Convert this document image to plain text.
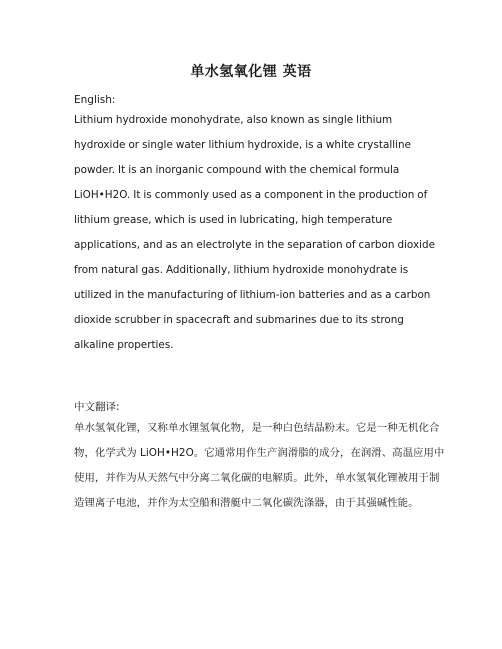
单水氢氧化锂 英语
English:

Lithium hydroxide monohydrate, also known as single lithium hydroxide or single water lithium hydroxide, is a white crystalline powder. It is an inorganic compound with the chemical formula LiOH•H2O. It is commonly used as a component in the production of lithium grease, which is used in lubricating, high temperature applications, and as an electrolyte in the separation of carbon dioxide from natural gas. Additionally, lithium hydroxide monohydrate is utilized in the manufacturing of lithium-ion batteries and as a carbon dioxide scrubber in spacecraft and submarines due to its strong alkaline properties.

中文翻译:

单水氢氧化锂，又称单水锂氢氧化物，是一种白色结晶粉末。它是一种无机化合物，化学式为 LiOH•H2O。它通常用作生产润滑脂的成分，在润滑、高温应用中使用，并作为从天然气中分离二氧化碳的电解质。此外，单水氢氧化锂被用于制造锂离子电池，并作为太空船和潜艇中二氧化碳洗涤器，由于其强碱性能。
